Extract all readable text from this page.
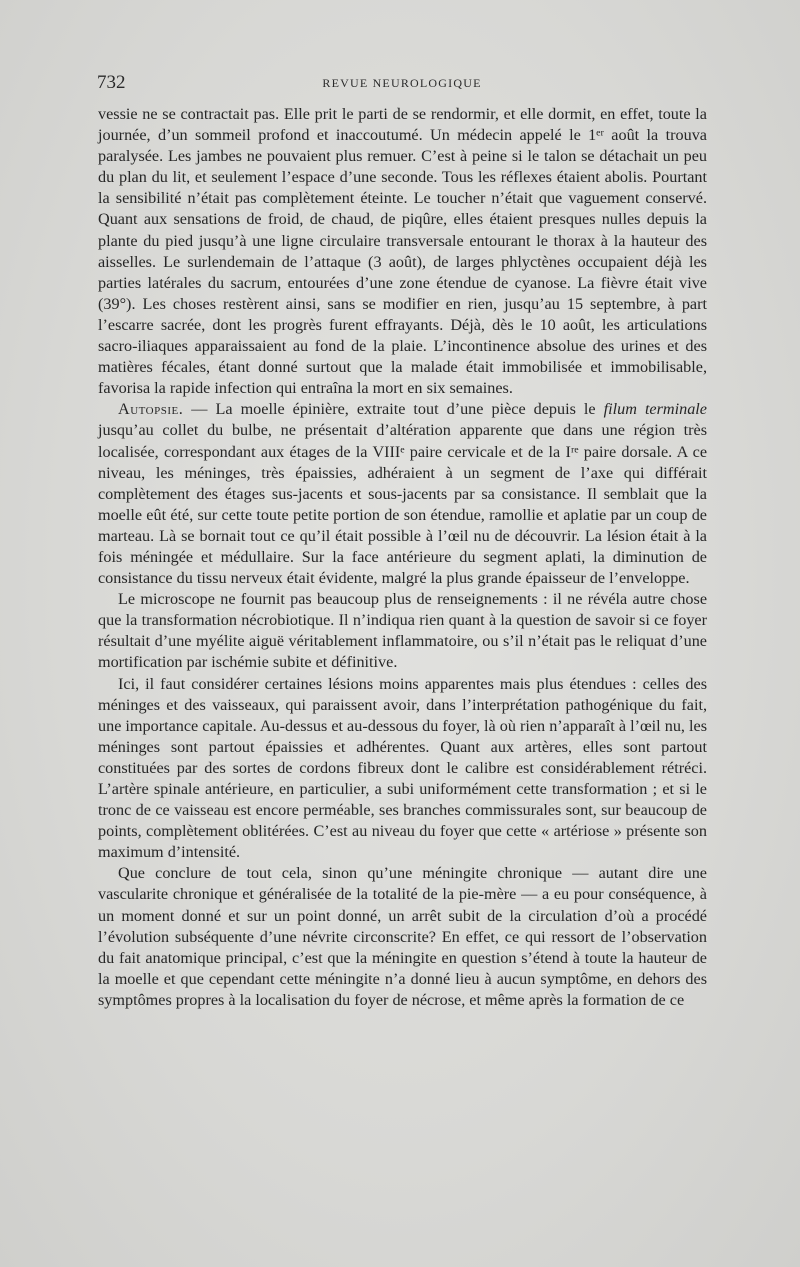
732	REVUE NEUROLOGIQUE

vessie ne se contractait pas. Elle prit le parti de se rendormir, et elle dormit, en effet, toute la journée, d’un sommeil profond et inaccoutumé. Un médecin appelé le 1ᵉʳ août la trouva paralysée. Les jambes ne pouvaient plus remuer. C’est à peine si le talon se détachait un peu du plan du lit, et seulement l’espace d’une seconde. Tous les réflexes étaient abolis. Pourtant la sensibilité n’était pas complètement éteinte. Le toucher n’était que vaguement conservé. Quant aux sensations de froid, de chaud, de piqûre, elles étaient presques nulles depuis la plante du pied jusqu’à une ligne circulaire transversale entourant le thorax à la hauteur des aisselles. Le surlendemain de l’attaque (3 août), de larges phlyctènes occupaient déjà les parties latérales du sacrum, entourées d’une zone étendue de cyanose. La fièvre était vive (39°). Les choses restèrent ainsi, sans se modifier en rien, jusqu’au 15 septembre, à part l’escarre sacrée, dont les progrès furent effrayants. Déjà, dès le 10 août, les articulations sacro-iliaques apparaissaient au fond de la plaie. L’incontinence absolue des urines et des matières fécales, étant donné surtout que la malade était immobilisée et immobilisable, favorisa la rapide infection qui entraîna la mort en six semaines.

Autopsie. — La moelle épinière, extraite tout d’une pièce depuis le filum terminale jusqu’au collet du bulbe, ne présentait d’altération apparente que dans une région très localisée, correspondant aux étages de la VIIIᵉ paire cervicale et de la Iʳᵉ paire dorsale. A ce niveau, les méninges, très épaissies, adhéraient à un segment de l’axe qui différait complètement des étages sus-jacents et sous-jacents par sa consistance. Il semblait que la moelle eût été, sur cette toute petite portion de son étendue, ramollie et aplatie par un coup de marteau. Là se bornait tout ce qu’il était possible à l’œil nu de découvrir. La lésion était à la fois méningée et médullaire. Sur la face antérieure du segment aplati, la diminution de consistance du tissu nerveux était évidente, malgré la plus grande épaisseur de l’enveloppe.

Le microscope ne fournit pas beaucoup plus de renseignements : il ne révéla autre chose que la transformation nécrobiotique. Il n’indiqua rien quant à la question de savoir si ce foyer résultait d’une myélite aiguë véritablement inflammatoire, ou s’il n’était pas le reliquat d’une mortification par ischémie subite et définitive.

Ici, il faut considérer certaines lésions moins apparentes mais plus étendues : celles des méninges et des vaisseaux, qui paraissent avoir, dans l’interprétation pathogénique du fait, une importance capitale. Au-dessus et au-dessous du foyer, là où rien n’apparaît à l’œil nu, les méninges sont partout épaissies et adhérentes. Quant aux artères, elles sont partout constituées par des sortes de cordons fibreux dont le calibre est considérablement rétréci. L’artère spinale antérieure, en particulier, a subi uniformément cette transformation ; et si le tronc de ce vaisseau est encore perméable, ses branches commissurales sont, sur beaucoup de points, complètement oblitérées. C’est au niveau du foyer que cette « artériose » présente son maximum d’intensité.

Que conclure de tout cela, sinon qu’une méningite chronique — autant dire une vascularite chronique et généralisée de la totalité de la pie-mère — a eu pour conséquence, à un moment donné et sur un point donné, un arrêt subit de la circulation d’où a procédé l’évolution subséquente d’une névrite circonscrite? En effet, ce qui ressort de l’observation du fait anatomique principal, c’est que la méningite en question s’étend à toute la hauteur de la moelle et que cependant cette méningite n’a donné lieu à aucun symptôme, en dehors des symptômes propres à la localisation du foyer de nécrose, et même après la formation de ce
